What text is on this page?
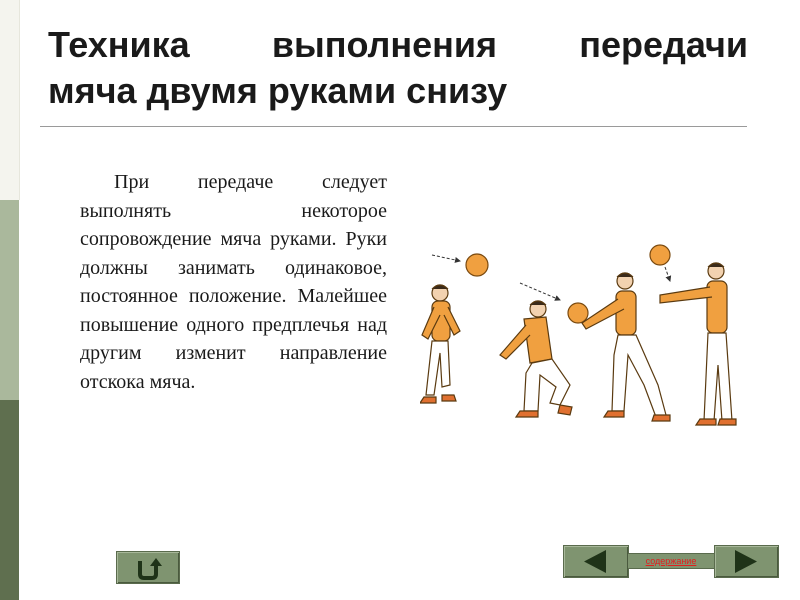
Техника выполнения передачи
мяча двумя руками снизу

При передаче следует выполнять некоторое сопровождение мяча руками. Руки должны занимать одинаковое, постоянное положение. Малейшее повышение одного предплечья над другим изменит направление отскока мяча.

содержание
